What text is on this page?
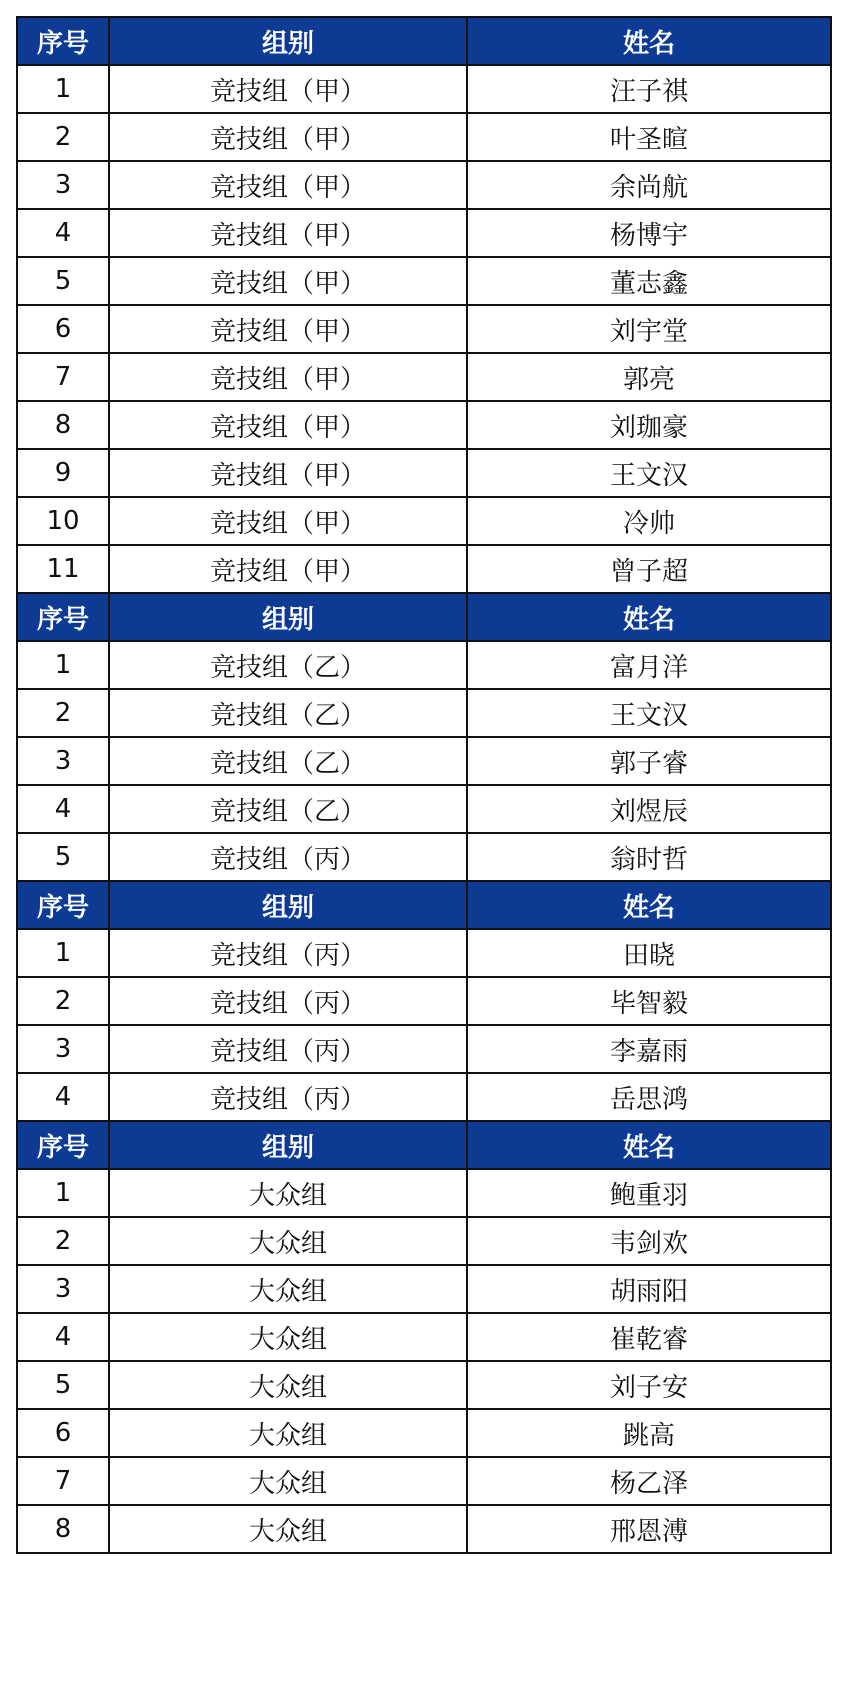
序号	组别	姓名
1	竞技组（甲）	汪子祺
2	竞技组（甲）	叶圣暄
3	竞技组（甲）	余尚航
4	竞技组（甲）	杨博宇
5	竞技组（甲）	董志鑫
6	竞技组（甲）	刘宇堂
7	竞技组（甲）	郭亮
8	竞技组（甲）	刘珈豪
9	竞技组（甲）	王文汉
10	竞技组（甲）	冷帅
11	竞技组（甲）	曾子超
序号	组别	姓名
1	竞技组（乙）	富月洋
2	竞技组（乙）	王文汉
3	竞技组（乙）	郭子睿
4	竞技组（乙）	刘煜辰
5	竞技组（丙）	翁时哲
序号	组别	姓名
1	竞技组（丙）	田晓
2	竞技组（丙）	毕智毅
3	竞技组（丙）	李嘉雨
4	竞技组（丙）	岳思鸿
序号	组别	姓名
1	大众组	鲍重羽
2	大众组	韦剑欢
3	大众组	胡雨阳
4	大众组	崔乾睿
5	大众组	刘子安
6	大众组	跳高
7	大众组	杨乙泽
8	大众组	邢恩溥
